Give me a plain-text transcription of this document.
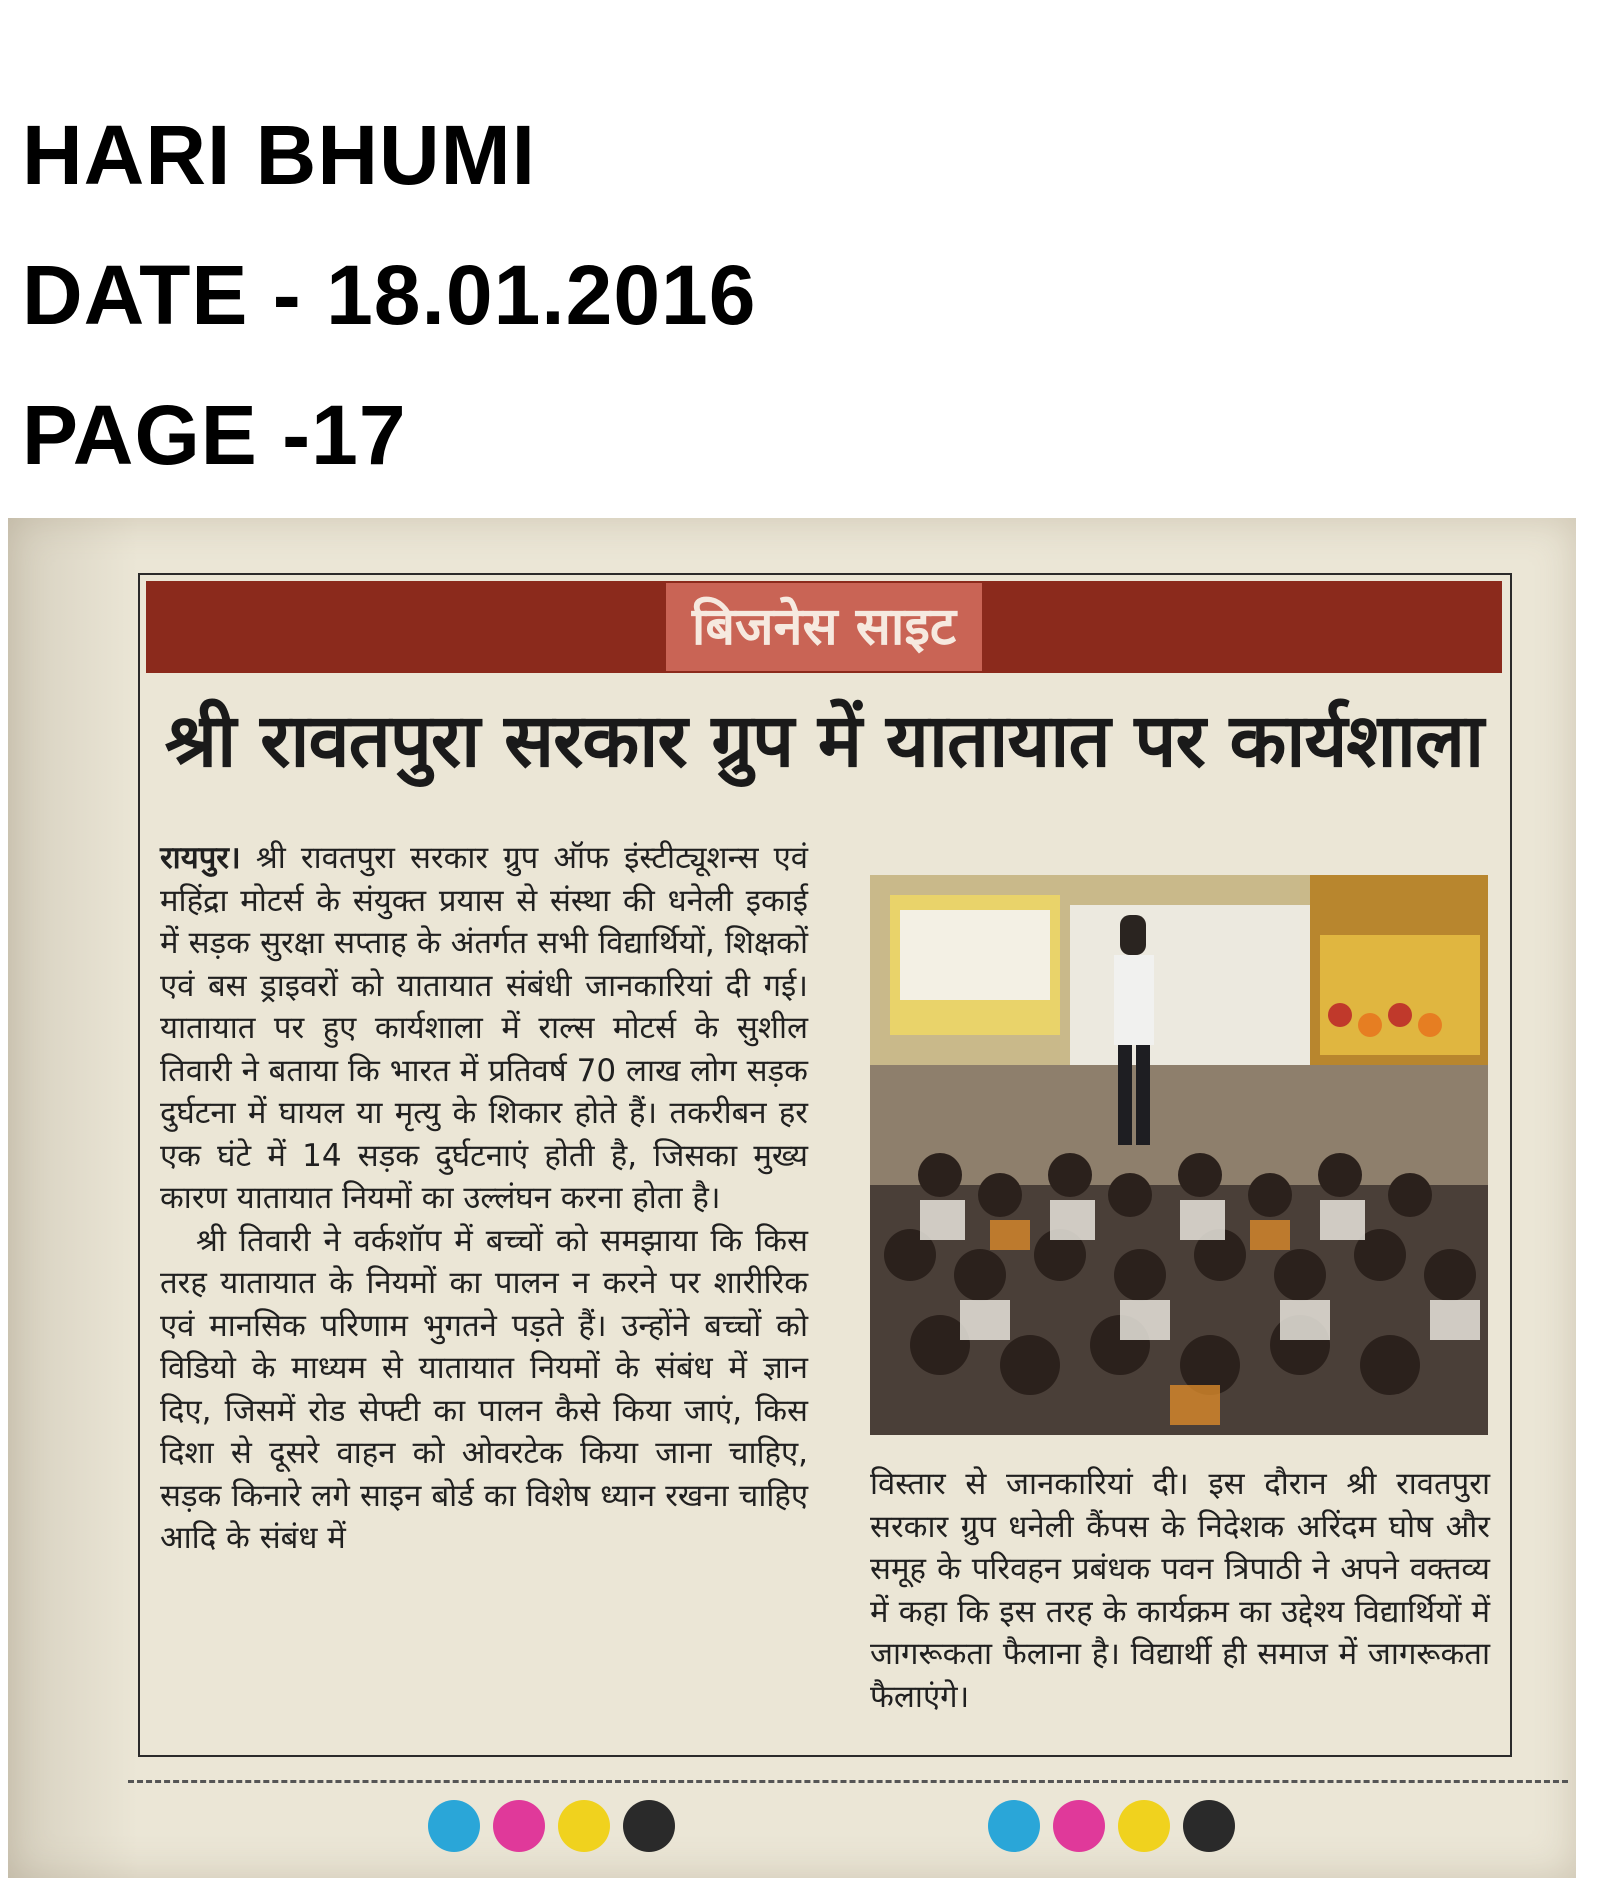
HARI BHUMI
DATE - 18.01.2016
PAGE -17
बिजनेस साइट
श्री रावतपुरा सरकार ग्रुप में यातायात पर कार्यशाला

रायपुर। श्री रावतपुरा सरकार ग्रुप ऑफ इंस्टीट्यूशन्स एवं महिंद्रा मोटर्स के संयुक्त प्रयास से संस्था की धनेली इकाई में सड़क सुरक्षा सप्ताह के अंतर्गत सभी विद्यार्थियों, शिक्षकों एवं बस ड्राइवरों को यातायात संबंधी जानकारियां दी गई। यातायात पर हुए कार्यशाला में राल्स मोटर्स के सुशील तिवारी ने बताया कि भारत में प्रतिवर्ष 70 लाख लोग सड़क दुर्घटना में घायल या मृत्यु के शिकार होते हैं। तकरीबन हर एक घंटे में 14 सड़क दुर्घटनाएं होती है, जिसका मुख्य कारण यातायात नियमों का उल्लंघन करना होता है।

श्री तिवारी ने वर्कशॉप में बच्चों को समझाया कि किस तरह यातायात के नियमों का पालन न करने पर शारीरिक एवं मानसिक परिणाम भुगतने पड़ते हैं। उन्होंने बच्चों को विडियो के माध्यम से यातायात नियमों के संबंध में ज्ञान दिए, जिसमें रोड सेफ्टी का पालन कैसे किया जाएं, किस दिशा से दूसरे वाहन को ओवरटेक किया जाना चाहिए, सड़क किनारे लगे साइन बोर्ड का विशेष ध्यान रखना चाहिए आदि के संबंध में

विस्तार से जानकारियां दी। इस दौरान श्री रावतपुरा सरकार ग्रुप धनेली कैंपस के निदेशक अरिंदम घोष और समूह के परिवहन प्रबंधक पवन त्रिपाठी ने अपने वक्तव्य में कहा कि इस तरह के कार्यक्रम का उद्देश्य विद्यार्थियों में जागरूकता फैलाना है। विद्यार्थी ही समाज में जागरूकता फैलाएंगे।
